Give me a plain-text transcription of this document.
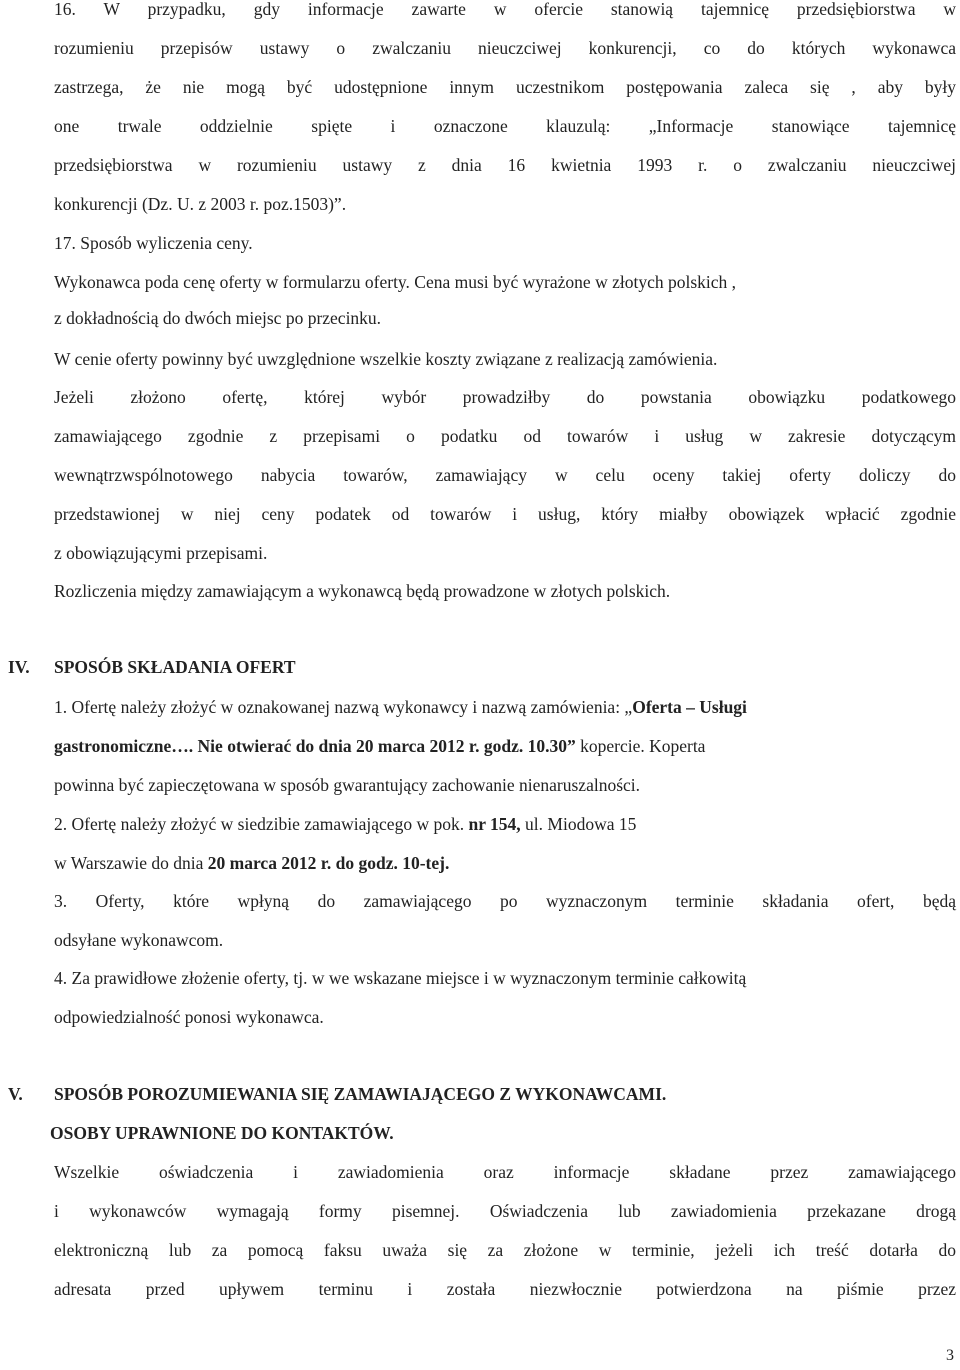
16. W przypadku, gdy informacje zawarte w ofercie stanowią tajemnicę przedsiębiorstwa w
rozumieniu przepisów ustawy o zwalczaniu nieuczciwej konkurencji, co do których wykonawca
zastrzega, że nie mogą być udostępnione innym uczestnikom postępowania zaleca się , aby były
one trwale oddzielnie spięte i oznaczone klauzulą: „Informacje stanowiące tajemnicę
przedsiębiorstwa w rozumieniu ustawy z dnia 16 kwietnia 1993 r. o zwalczaniu nieuczciwej
konkurencji (Dz. U. z 2003 r. poz.1503)”.
17. Sposób wyliczenia ceny.
Wykonawca poda cenę oferty w formularzu oferty. Cena musi być wyrażone w złotych polskich ,
z dokładnością do dwóch miejsc po przecinku.
W cenie oferty powinny być uwzględnione wszelkie koszty związane z realizacją zamówienia.
Jeżeli złożono ofertę, której wybór prowadziłby do powstania obowiązku podatkowego
zamawiającego zgodnie z przepisami o podatku od towarów i usług w zakresie dotyczącym
wewnątrzwspólnotowego nabycia towarów, zamawiający w celu oceny takiej oferty doliczy do
przedstawionej w niej ceny podatek od towarów i usług, który miałby obowiązek wpłacić zgodnie
z obowiązującymi przepisami.
Rozliczenia między zamawiającym a wykonawcą będą prowadzone w złotych polskich.
IV. SPOSÓB SKŁADANIA OFERT
1. Ofertę należy złożyć w oznakowanej nazwą wykonawcy i nazwą zamówienia: „Oferta – Usługi
gastronomiczne…. Nie otwierać do dnia 20 marca 2012 r. godz. 10.30” kopercie. Koperta
powinna być zapieczętowana w sposób gwarantujący zachowanie nienaruszalności.
2. Ofertę należy złożyć w siedzibie zamawiającego w pok. nr 154, ul. Miodowa 15
w Warszawie do dnia 20 marca 2012 r. do godz. 10-tej.
3. Oferty, które wpłyną do zamawiającego po wyznaczonym terminie składania ofert, będą
odsyłane wykonawcom.
4. Za prawidłowe złożenie oferty, tj. w we wskazane miejsce i w wyznaczonym terminie całkowitą
odpowiedzialność ponosi wykonawca.
V. SPOSÓB POROZUMIEWANIA SIĘ ZAMAWIAJĄCEGO Z WYKONAWCAMI.
OSOBY UPRAWNIONE DO KONTAKTÓW.
Wszelkie oświadczenia i zawiadomienia oraz informacje składane przez zamawiającego
i wykonawców wymagają formy pisemnej. Oświadczenia lub zawiadomienia przekazane drogą
elektroniczną lub za pomocą faksu uważa się za złożone w terminie, jeżeli ich treść dotarła do
adresata przed upływem terminu i została niezwłocznie potwierdzona na piśmie przez
3
